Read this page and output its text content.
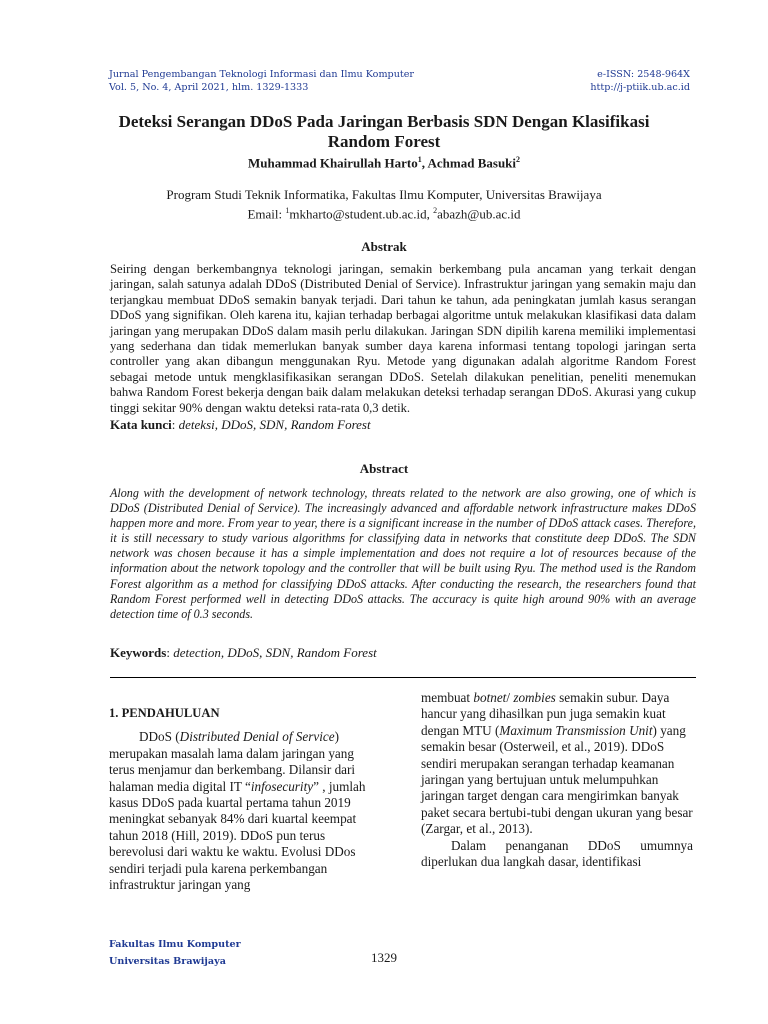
Jurnal Pengembangan Teknologi Informasi dan Ilmu Komputer
Vol. 5, No. 4, April 2021, hlm. 1329-1333
e-ISSN: 2548-964X
http://j-ptiik.ub.ac.id
Deteksi Serangan DDoS Pada Jaringan Berbasis SDN Dengan Klasifikasi Random Forest
Muhammad Khairullah Harto$^1$, Achmad Basuki$^2$
Program Studi Teknik Informatika, Fakultas Ilmu Komputer, Universitas Brawijaya
Email: $^1$mkharto@student.ub.ac.id, $^2$abazh@ub.ac.id
Abstrak
Seiring dengan berkembangnya teknologi jaringan, semakin berkembang pula ancaman yang terkait dengan jaringan, salah satunya adalah DDoS (Distributed Denial of Service). Infrastruktur jaringan yang semakin maju dan terjangkau membuat DDoS semakin banyak terjadi. Dari tahun ke tahun, ada peningkatan jumlah kasus serangan DDoS yang signifikan. Oleh karena itu, kajian terhadap berbagai algoritme untuk melakukan klasifikasi data dalam jaringan yang merupakan DDoS dalam masih perlu dilakukan. Jaringan SDN dipilih karena memiliki implementasi yang sederhana dan tidak memerlukan banyak sumber daya karena informasi tentang topologi jaringan serta controller yang akan dibangun menggunakan Ryu. Metode yang digunakan adalah algoritme Random Forest sebagai metode untuk mengklasifikasikan serangan DDoS. Setelah dilakukan penelitian, peneliti menemukan bahwa Random Forest bekerja dengan baik dalam melakukan deteksi terhadap serangan DDoS. Akurasi yang cukup tinggi sekitar 90% dengan waktu deteksi rata-rata 0,3 detik.
Kata kunci: deteksi, DDoS, SDN, Random Forest
Abstract
Along with the development of network technology, threats related to the network are also growing, one of which is DDoS (Distributed Denial of Service). The increasingly advanced and affordable network infrastructure makes DDoS happen more and more. From year to year, there is a significant increase in the number of DDoS attack cases. Therefore, it is still necessary to study various algorithms for classifying data in networks that constitute deep DDoS. The SDN network was chosen because it has a simple implementation and does not require a lot of resources because of the information about the network topology and the controller that will be built using Ryu. The method used is the Random Forest algorithm as a method for classifying DDoS attacks. After conducting the research, the researchers found that Random Forest performed well in detecting DDoS attacks. The accuracy is quite high around 90% with an average detection time of 0.3 seconds.
Keywords: detection, DDoS, SDN, Random Forest
1. PENDAHULUAN
DDoS (Distributed Denial of Service) merupakan masalah lama dalam jaringan yang terus menjamur dan berkembang. Dilansir dari halaman media digital IT “infosecurity” , jumlah kasus DDoS pada kuartal pertama tahun 2019 meningkat sebanyak 84% dari kuartal keempat tahun 2018 (Hill, 2019). DDoS pun terus berevolusi dari waktu ke waktu. Evolusi DDos sendiri terjadi pula karena perkembangan infrastruktur jaringan yang
membuat botnet/ zombies semakin subur. Daya hancur yang dihasilkan pun juga semakin kuat dengan MTU (Maximum Transmission Unit) yang semakin besar (Osterweil, et al., 2019). DDoS sendiri merupakan serangan terhadap keamanan jaringan yang bertujuan untuk melumpuhkan jaringan target dengan cara mengirimkan banyak paket secara bertubi-tubi dengan ukuran yang besar (Zargar, et al., 2013).
Dalam penanganan DDoS umumnya diperlukan dua langkah dasar, identifikasi
Fakultas Ilmu Komputer
Universitas Brawijaya	1329
